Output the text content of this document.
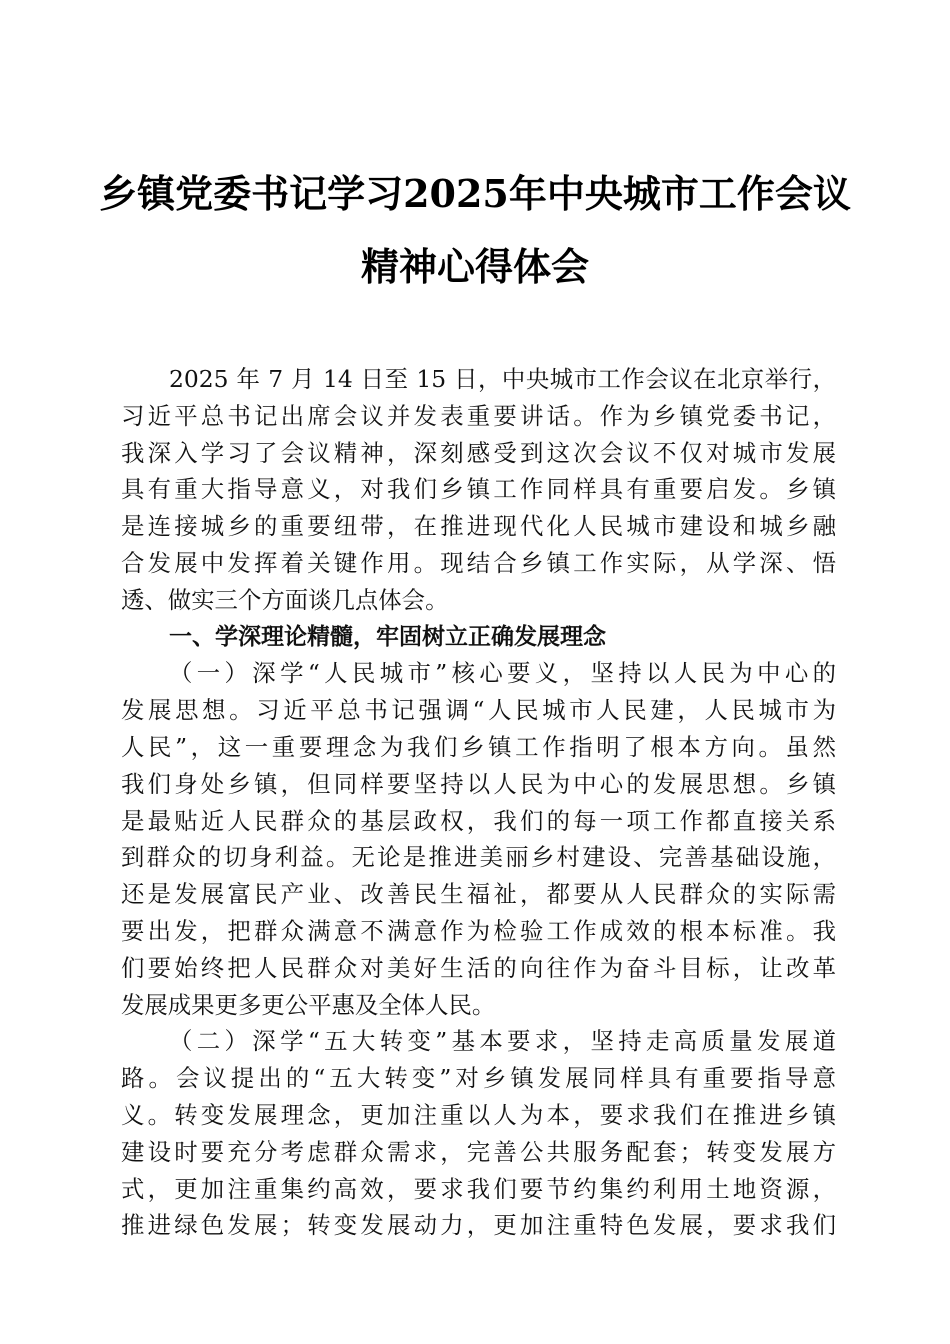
乡镇党委书记学习2025年中央城市工作会议
精神心得体会
2025 年 7 月 14 日至 15 日，中央城市工作会议在北京举行，
习近平总书记出席会议并发表重要讲话。作为乡镇党委书记，
我深入学习了会议精神，深刻感受到这次会议不仅对城市发展
具有重大指导意义，对我们乡镇工作同样具有重要启发。乡镇
是连接城乡的重要纽带，在推进现代化人民城市建设和城乡融
合发展中发挥着关键作用。现结合乡镇工作实际，从学深、悟
透、做实三个方面谈几点体会。
一、学深理论精髓，牢固树立正确发展理念
（一）深学“人民城市”核心要义，坚持以人民为中心的
发展思想。习近平总书记强调“人民城市人民建，人民城市为
人民”，这一重要理念为我们乡镇工作指明了根本方向。虽然
我们身处乡镇，但同样要坚持以人民为中心的发展思想。乡镇
是最贴近人民群众的基层政权，我们的每一项工作都直接关系
到群众的切身利益。无论是推进美丽乡村建设、完善基础设施，
还是发展富民产业、改善民生福祉，都要从人民群众的实际需
要出发，把群众满意不满意作为检验工作成效的根本标准。我
们要始终把人民群众对美好生活的向往作为奋斗目标，让改革
发展成果更多更公平惠及全体人民。
（二）深学“五大转变”基本要求，坚持走高质量发展道
路。会议提出的“五大转变”对乡镇发展同样具有重要指导意
义。转变发展理念，更加注重以人为本，要求我们在推进乡镇
建设时要充分考虑群众需求，完善公共服务配套；转变发展方
式，更加注重集约高效，要求我们要节约集约利用土地资源，
推进绿色发展；转变发展动力，更加注重特色发展，要求我们
